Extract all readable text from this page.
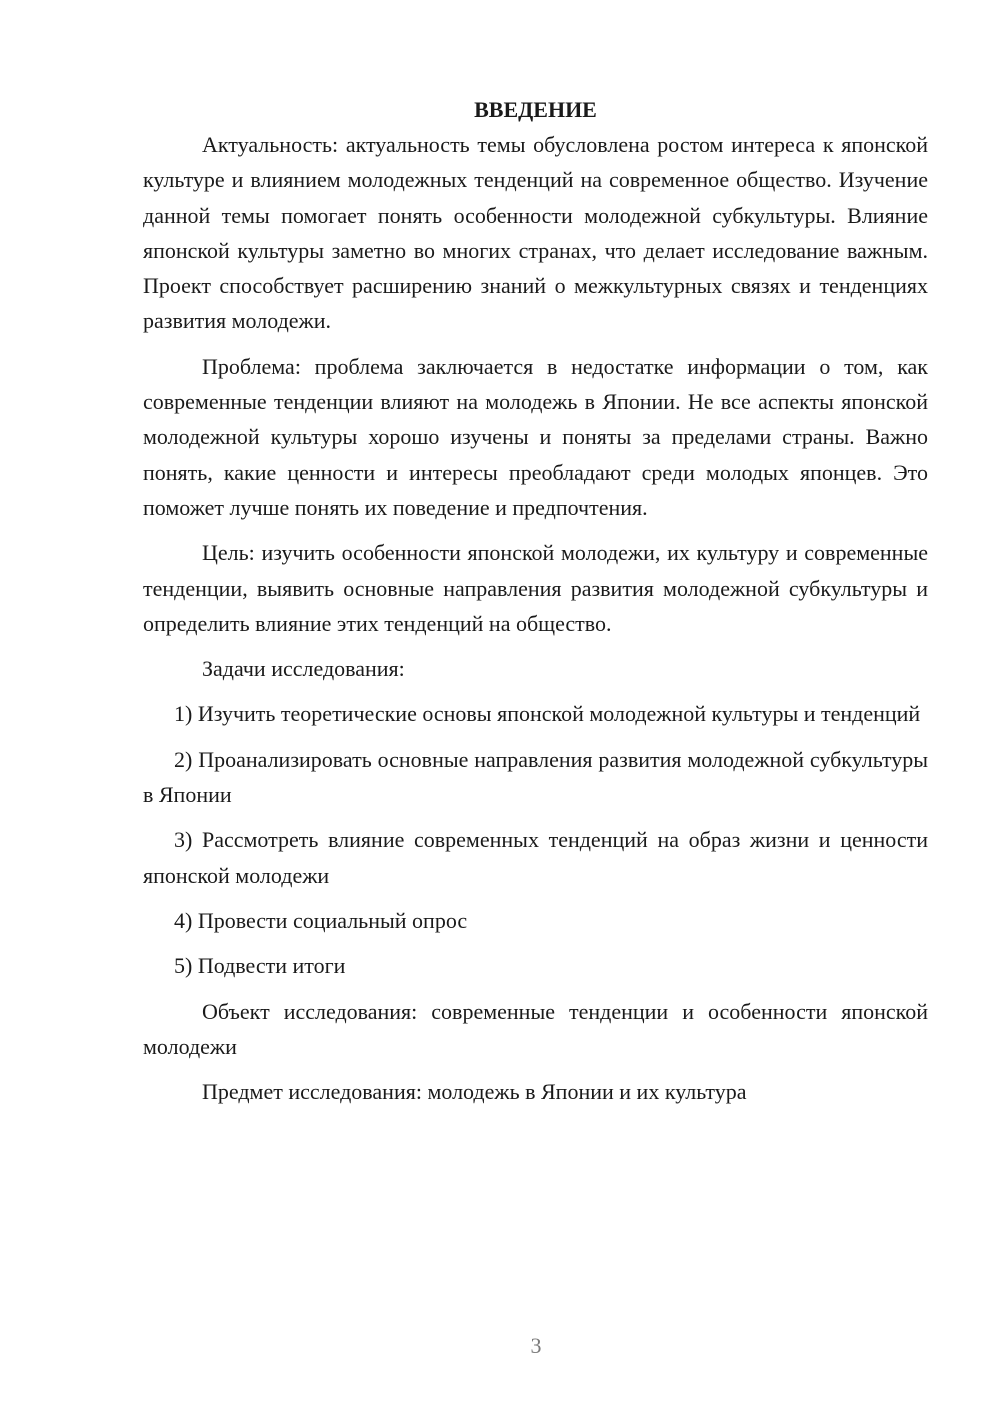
ВВЕДЕНИЕ

Актуальность: актуальность темы обусловлена ростом интереса к японской культуре и влиянием молодежных тенденций на современное общество. Изучение данной темы помогает понять особенности молодежной субкультуры. Влияние японской культуры заметно во многих странах, что делает исследование важным. Проект способствует расширению знаний о межкультурных связях и тенденциях развития молодежи.

Проблема: проблема заключается в недостатке информации о том, как современные тенденции влияют на молодежь в Японии. Не все аспекты японской молодежной культуры хорошо изучены и поняты за пределами страны. Важно понять, какие ценности и интересы преобладают среди молодых японцев. Это поможет лучше понять их поведение и предпочтения.

Цель: изучить особенности японской молодежи, их культуру и современные тенденции, выявить основные направления развития молодежной субкультуры и определить влияние этих тенденций на общество.

Задачи исследования:

1) Изучить теоретические основы японской молодежной культуры и тенденций

2) Проанализировать основные направления развития молодежной субкультуры в Японии

3) Рассмотреть влияние современных тенденций на образ жизни и ценности японской молодежи

4) Провести социальный опрос

5) Подвести итоги

Объект исследования: современные тенденции и особенности японской молодежи

Предмет исследования: молодежь в Японии и их культура

3
